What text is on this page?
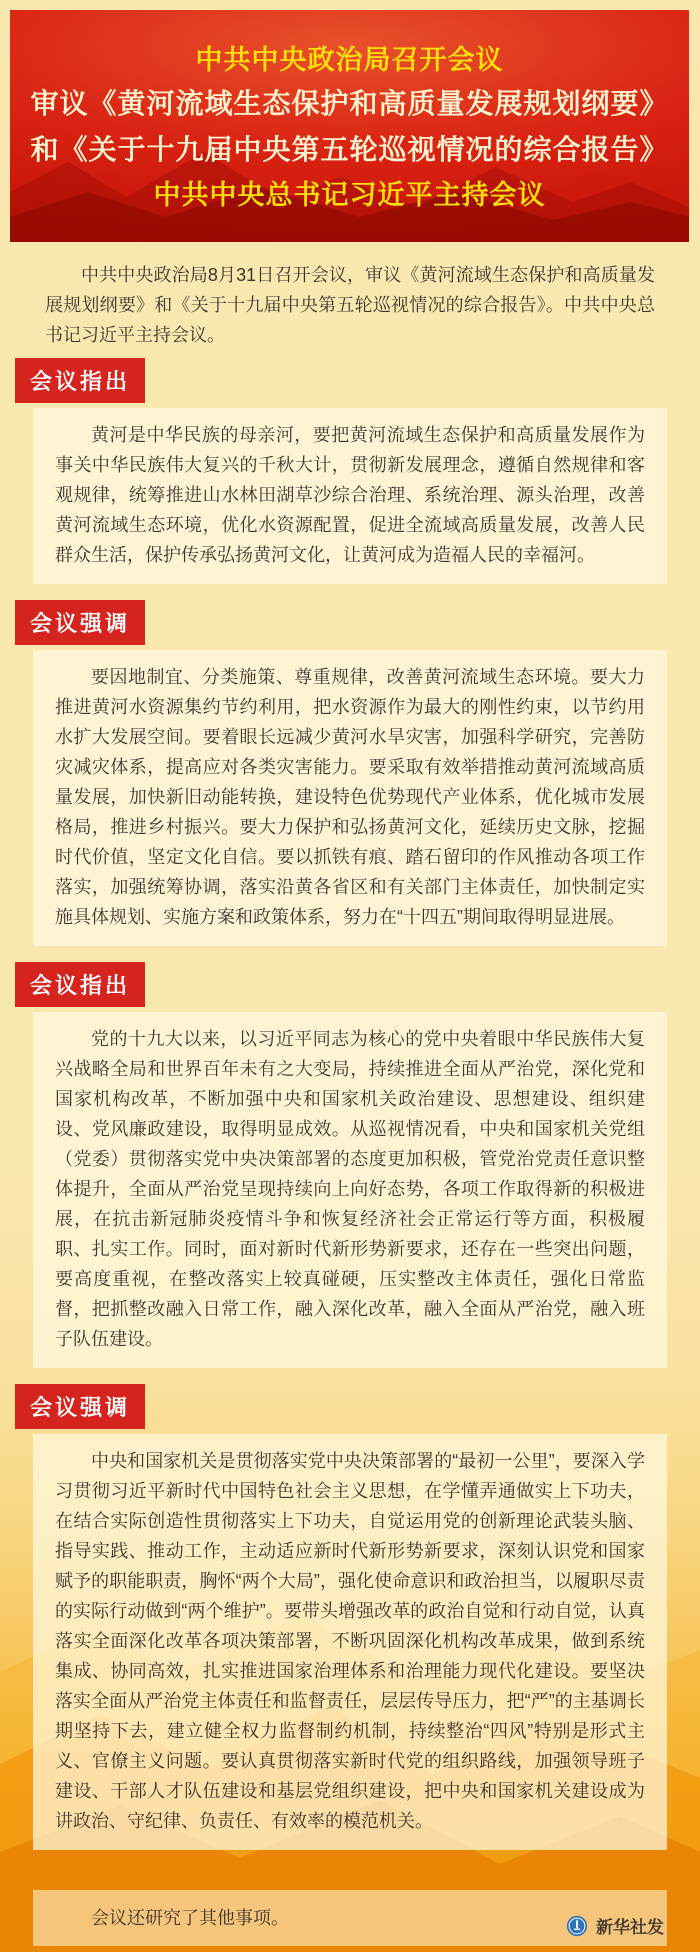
中共中央政治局召开会议
审议《黄河流域生态保护和高质量发展规划纲要》
和《关于十九届中央第五轮巡视情况的综合报告》
中共中央总书记习近平主持会议

中共中央政治局8月31日召开会议，审议《黄河流域生态保护和高质量发展规划纲要》和《关于十九届中央第五轮巡视情况的综合报告》。中共中央总书记习近平主持会议。

会议指出

黄河是中华民族的母亲河，要把黄河流域生态保护和高质量发展作为事关中华民族伟大复兴的千秋大计，贯彻新发展理念，遵循自然规律和客观规律，统筹推进山水林田湖草沙综合治理、系统治理、源头治理，改善黄河流域生态环境，优化水资源配置，促进全流域高质量发展，改善人民群众生活，保护传承弘扬黄河文化，让黄河成为造福人民的幸福河。

会议强调

要因地制宜、分类施策、尊重规律，改善黄河流域生态环境。要大力推进黄河水资源集约节约利用，把水资源作为最大的刚性约束，以节约用水扩大发展空间。要着眼长远减少黄河水旱灾害，加强科学研究，完善防灾减灾体系，提高应对各类灾害能力。要采取有效举措推动黄河流域高质量发展，加快新旧动能转换，建设特色优势现代产业体系，优化城市发展格局，推进乡村振兴。要大力保护和弘扬黄河文化，延续历史文脉，挖掘时代价值，坚定文化自信。要以抓铁有痕、踏石留印的作风推动各项工作落实，加强统筹协调，落实沿黄各省区和有关部门主体责任，加快制定实施具体规划、实施方案和政策体系，努力在“十四五”期间取得明显进展。

会议指出

党的十九大以来，以习近平同志为核心的党中央着眼中华民族伟大复兴战略全局和世界百年未有之大变局，持续推进全面从严治党，深化党和国家机构改革，不断加强中央和国家机关政治建设、思想建设、组织建设、党风廉政建设，取得明显成效。从巡视情况看，中央和国家机关党组（党委）贯彻落实党中央决策部署的态度更加积极，管党治党责任意识整体提升，全面从严治党呈现持续向上向好态势，各项工作取得新的积极进展，在抗击新冠肺炎疫情斗争和恢复经济社会正常运行等方面，积极履职、扎实工作。同时，面对新时代新形势新要求，还存在一些突出问题，要高度重视，在整改落实上较真碰硬，压实整改主体责任，强化日常监督，把抓整改融入日常工作，融入深化改革，融入全面从严治党，融入班子队伍建设。

会议强调

中央和国家机关是贯彻落实党中央决策部署的“最初一公里”，要深入学习贯彻习近平新时代中国特色社会主义思想，在学懂弄通做实上下功夫，在结合实际创造性贯彻落实上下功夫，自觉运用党的创新理论武装头脑、指导实践、推动工作，主动适应新时代新形势新要求，深刻认识党和国家赋予的职能职责，胸怀“两个大局”，强化使命意识和政治担当，以履职尽责的实际行动做到“两个维护”。要带头增强改革的政治自觉和行动自觉，认真落实全面深化改革各项决策部署，不断巩固深化机构改革成果，做到系统集成、协同高效，扎实推进国家治理体系和治理能力现代化建设。要坚决落实全面从严治党主体责任和监督责任，层层传导压力，把“严”的主基调长期坚持下去，建立健全权力监督制约机制，持续整治“四风”特别是形式主义、官僚主义问题。要认真贯彻落实新时代党的组织路线，加强领导班子建设、干部人才队伍建设和基层党组织建设，把中央和国家机关建设成为讲政治、守纪律、负责任、有效率的模范机关。

会议还研究了其他事项。	新华社发
